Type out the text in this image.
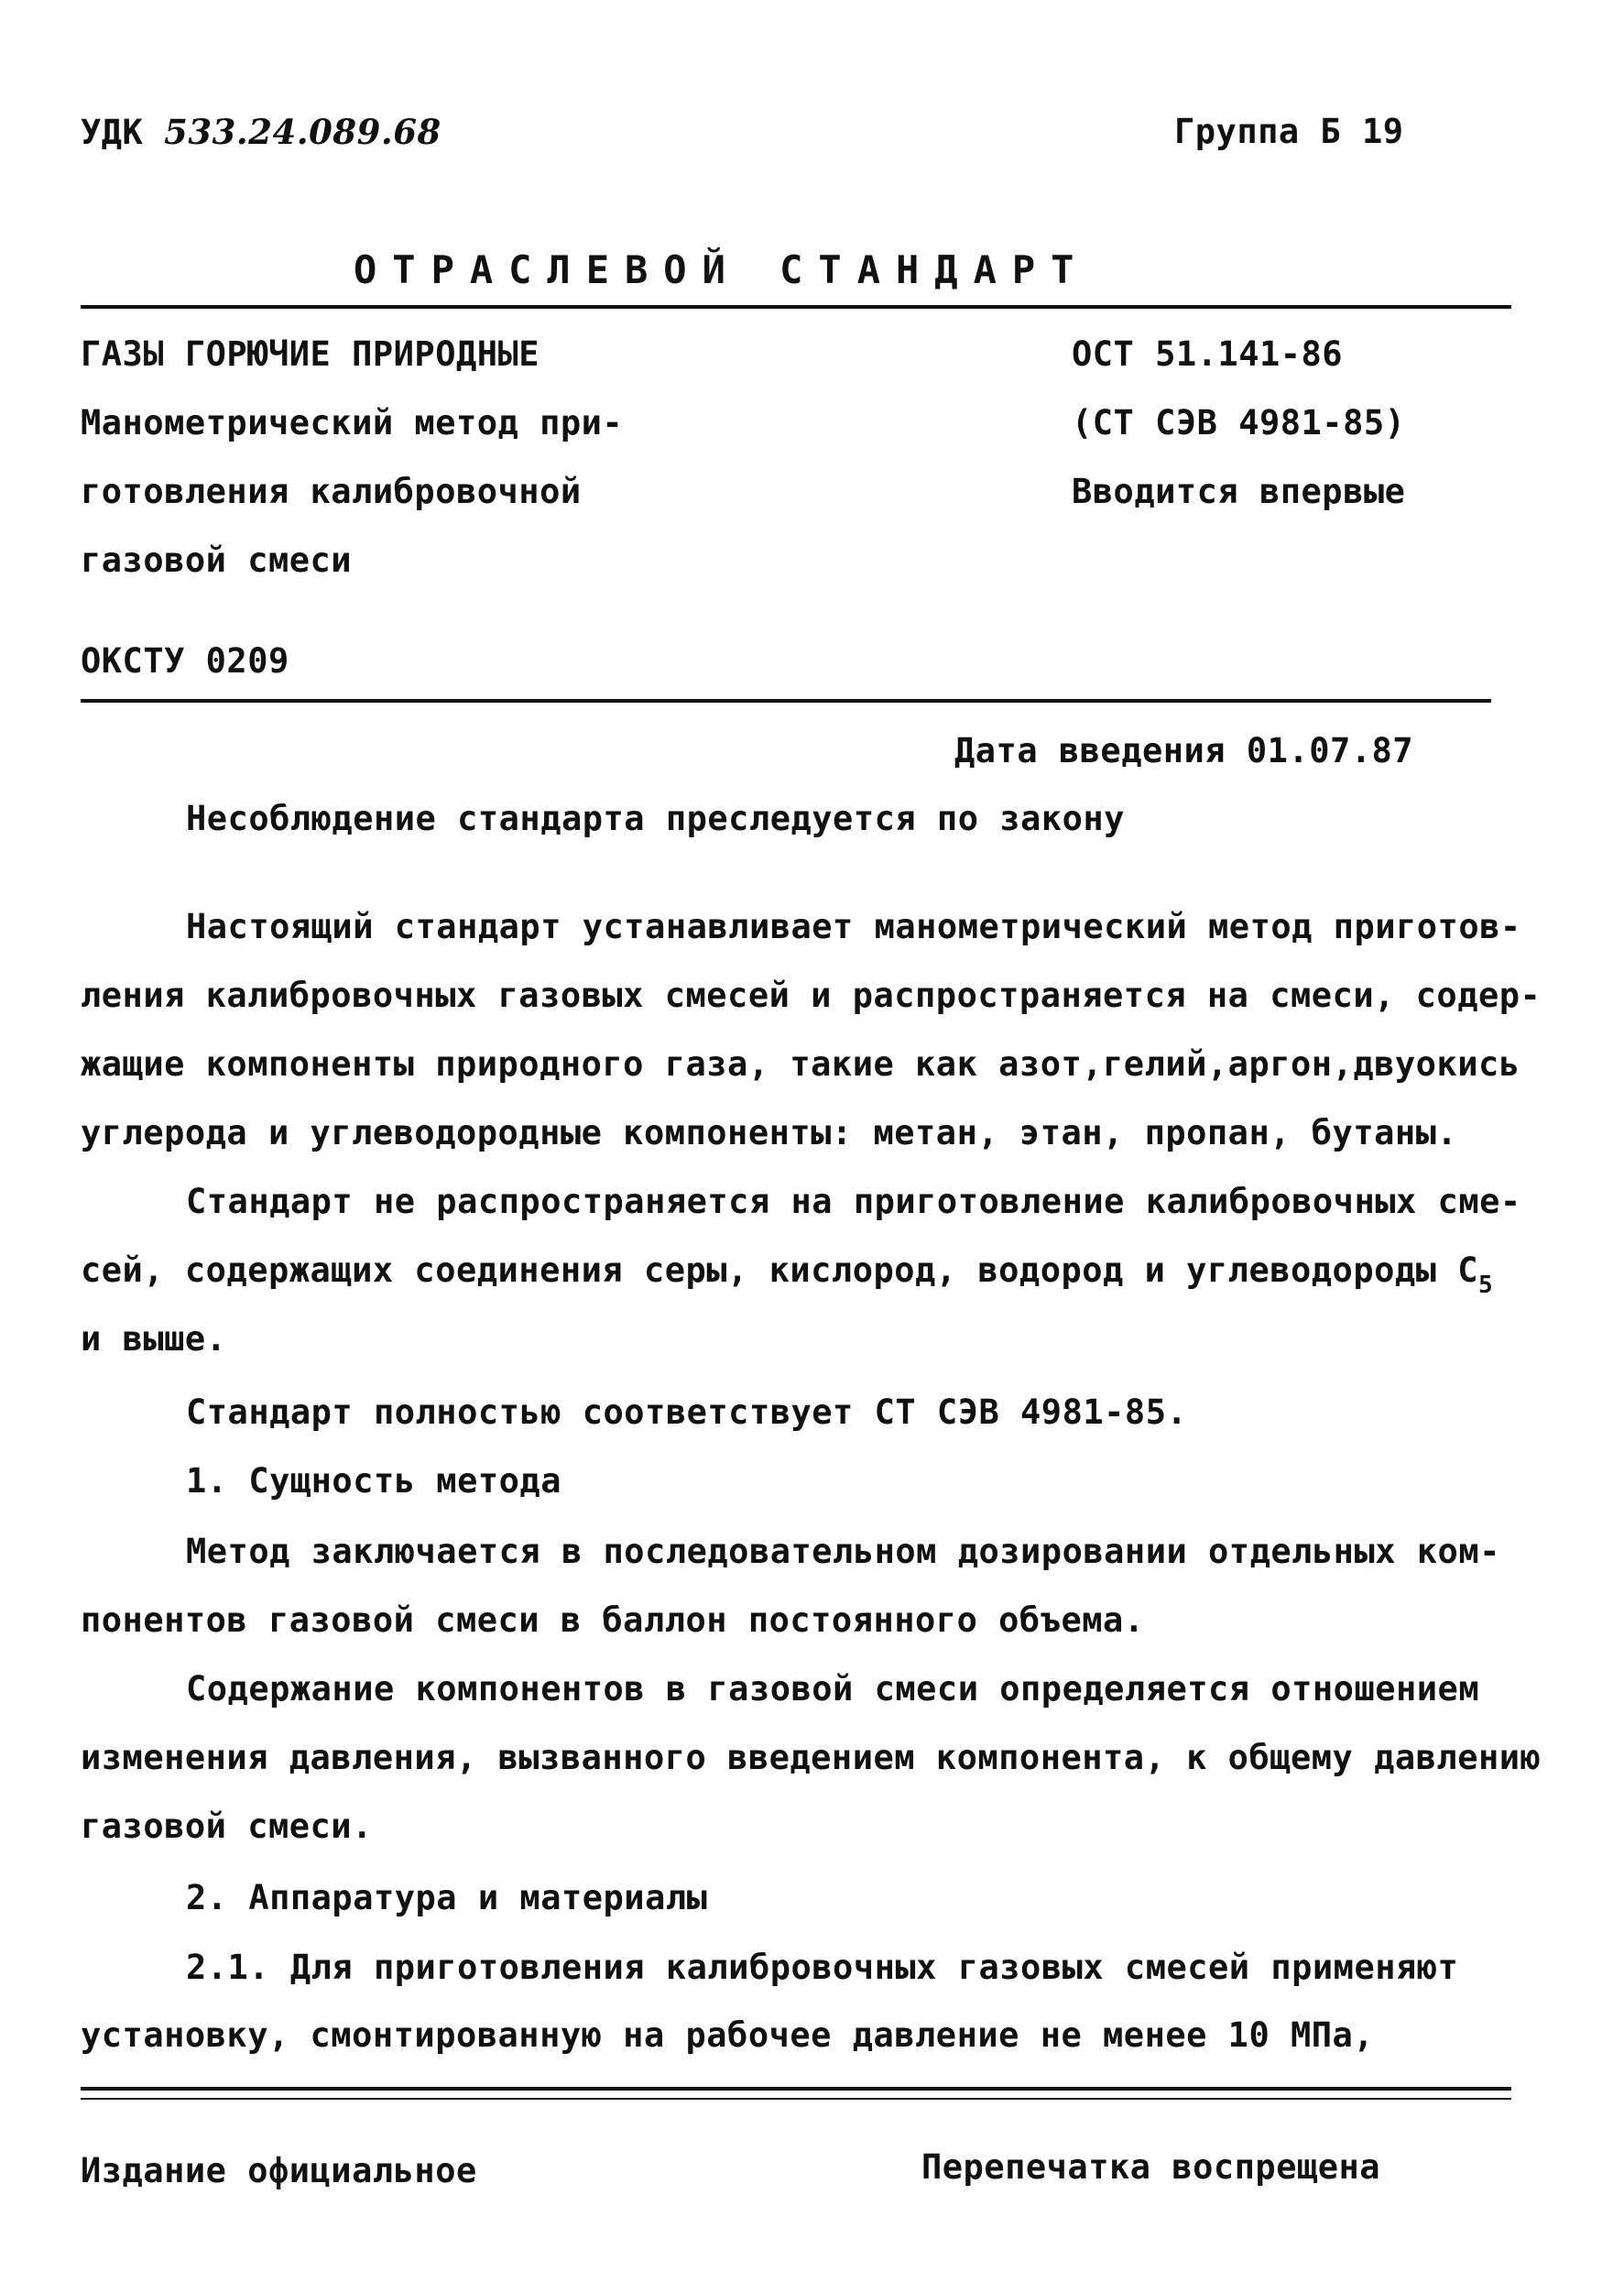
УДК 533.24.089.68	Группа Б 19
ОТРАСЛЕВОЙ СТАНДАРТ
ГАЗЫ ГОРЮЧИЕ ПРИРОДНЫЕ
Манометрический метод при-
готовления калибровочной
газовой смеси
ОСТ 51.141-86
(СТ СЭВ 4981-85)
Вводится впервые
ОКСТУ 0209
Дата введения 01.07.87
Несоблюдение стандарта преследуется по закону
Настоящий стандарт устанавливает манометрический метод приготов-
ления калибровочных газовых смесей и распространяется на смеси, содер-
жащие компоненты природного газа, такие как азот,гелий,аргон,двуокись
углерода и углеводородные компоненты: метан, этан, пропан, бутаны.
Стандарт не распространяется на приготовление калибровочных сме-
сей, содержащих соединения серы, кислород, водород и углеводороды $C_5$
и выше.
Стандарт полностью соответствует СТ СЭВ 4981-85.
1. Сущность метода
Метод заключается в последовательном дозировании отдельных ком-
понентов газовой смеси в баллон постоянного объема.
Содержание компонентов в газовой смеси определяется отношением
изменения давления, вызванного введением компонента, к общему давлению
газовой смеси.
2. Аппаратура и материалы
2.1. Для приготовления калибровочных газовых смесей применяют
установку, смонтированную на рабочее давление не менее 10 МПа,
Издание официальное	Перепечатка воспрещена
